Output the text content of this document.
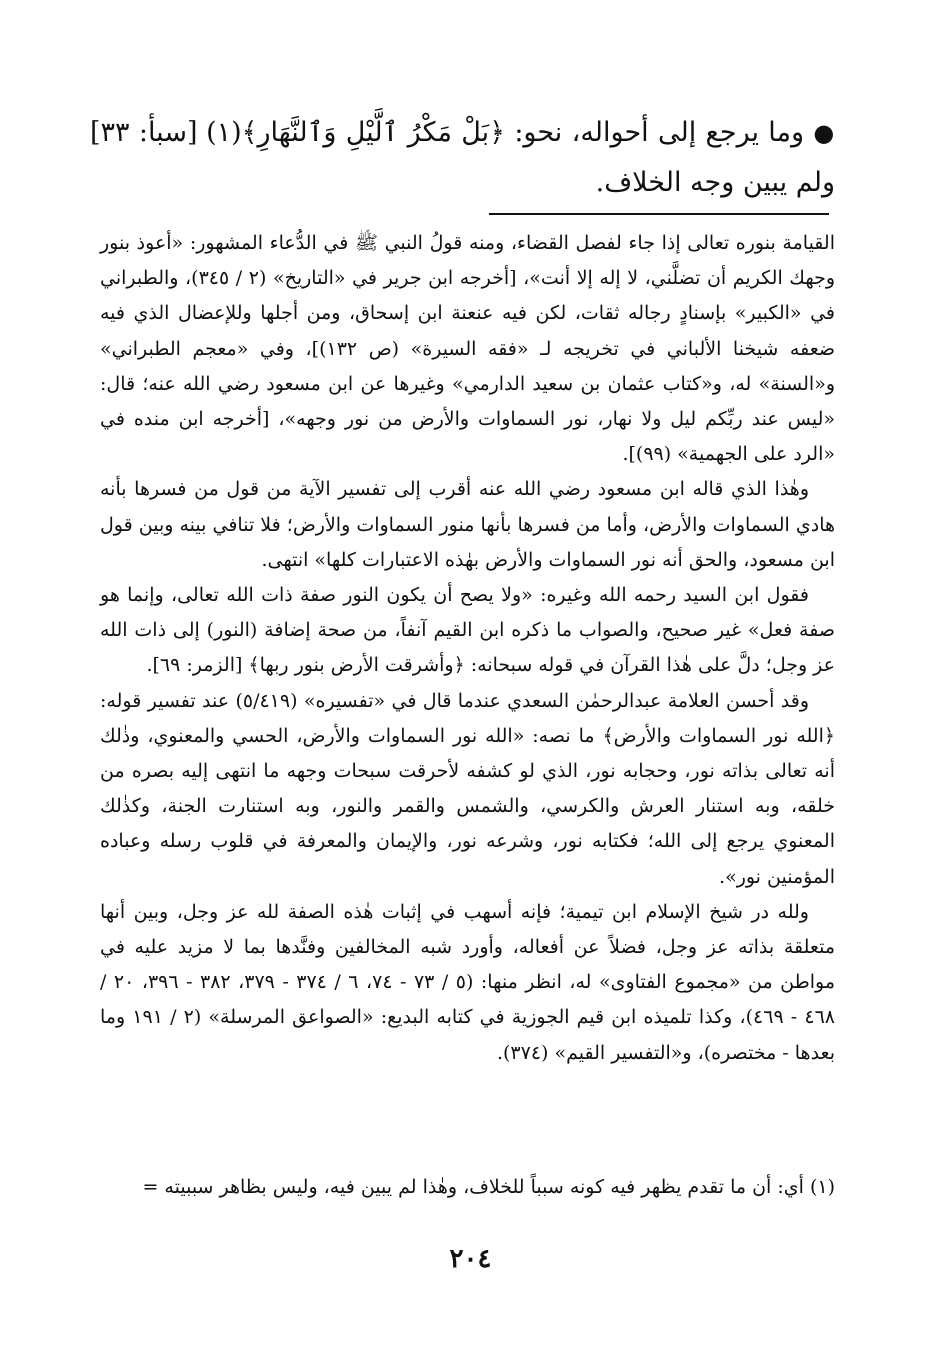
● وما يرجع إلى أحواله، نحو: ﴿بَلْ مَكْرُ ٱلَّيْلِ وَٱلنَّهَارِ﴾(١) [سبأ: ٣٣] ولم يبين وجه الخلاف.

القيامة بنوره تعالى إذا جاء لفصل القضاء، ومنه قولُ النبي ﷺ في الدُّعاء المشهور: «أعوذ بنور وجهك الكريم أن تضلَّني، لا إله إلا أنت»، [أخرجه ابن جرير في «التاريخ» (٢ / ٣٤٥)، والطبراني في «الكبير» بإسنادٍ رجاله ثقات، لكن فيه عنعنة ابن إسحاق، ومن أجلها وللإعضال الذي فيه ضعفه شيخنا الألباني في تخريجه لـ «فقه السيرة» (ص ١٣٢)]، وفي «معجم الطبراني» و«السنة» له، و«كتاب عثمان بن سعيد الدارمي» وغيرها عن ابن مسعود رضي الله عنه؛ قال: «ليس عند ربِّكم ليل ولا نهار، نور السماوات والأرض من نور وجهه»، [أخرجه ابن منده في «الرد على الجهمية» (٩٩)].

وهٰذا الذي قاله ابن مسعود رضي الله عنه أقرب إلى تفسير الآية من قول من فسرها بأنه هادي السماوات والأرض، وأما من فسرها بأنها منور السماوات والأرض؛ فلا تنافي بينه وبين قول ابن مسعود، والحق أنه نور السماوات والأرض بهٰذه الاعتبارات كلها» انتهى.

فقول ابن السيد رحمه الله وغيره: «ولا يصح أن يكون النور صفة ذات الله تعالى، وإنما هو صفة فعل» غير صحيح، والصواب ما ذكره ابن القيم آنفاً، من صحة إضافة (النور) إلى ذات الله عز وجل؛ دلَّ على هٰذا القرآن في قوله سبحانه: ﴿وأشرقت الأرض بنور ربها﴾ [الزمر: ٦٩].

وقد أحسن العلامة عبدالرحمٰن السعدي عندما قال في «تفسيره» (٥/٤١٩) عند تفسير قوله: ﴿الله نور السماوات والأرض﴾ ما نصه: «الله نور السماوات والأرض، الحسي والمعنوي، وذٰلك أنه تعالى بذاته نور، وحجابه نور، الذي لو كشفه لأحرقت سبحات وجهه ما انتهى إليه بصره من خلقه، وبه استنار العرش والكرسي، والشمس والقمر والنور، وبه استنارت الجنة، وكذٰلك المعنوي يرجع إلى الله؛ فكتابه نور، وشرعه نور، والإيمان والمعرفة في قلوب رسله وعباده المؤمنين نور».

ولله در شيخ الإسلام ابن تيمية؛ فإنه أسهب في إثبات هٰذه الصفة لله عز وجل، وبين أنها متعلقة بذاته عز وجل، فضلاً عن أفعاله، وأورد شبه المخالفين وفنَّدها بما لا مزيد عليه في مواطن من «مجموع الفتاوى» له، انظر منها: (٥ / ٧٣ - ٧٤، ٦ / ٣٧٤ - ٣٧٩، ٣٨٢ - ٣٩٦، ٢٠ / ٤٦٨ - ٤٦٩)، وكذا تلميذه ابن قيم الجوزية في كتابه البديع: «الصواعق المرسلة» (٢ / ١٩١ وما بعدها - مختصره)، و«التفسير القيم» (٣٧٤).

(١) أي: أن ما تقدم يظهر فيه كونه سبباً للخلاف، وهٰذا لم يبين فيه، وليس بظاهر سببيته =
٢٠٤
